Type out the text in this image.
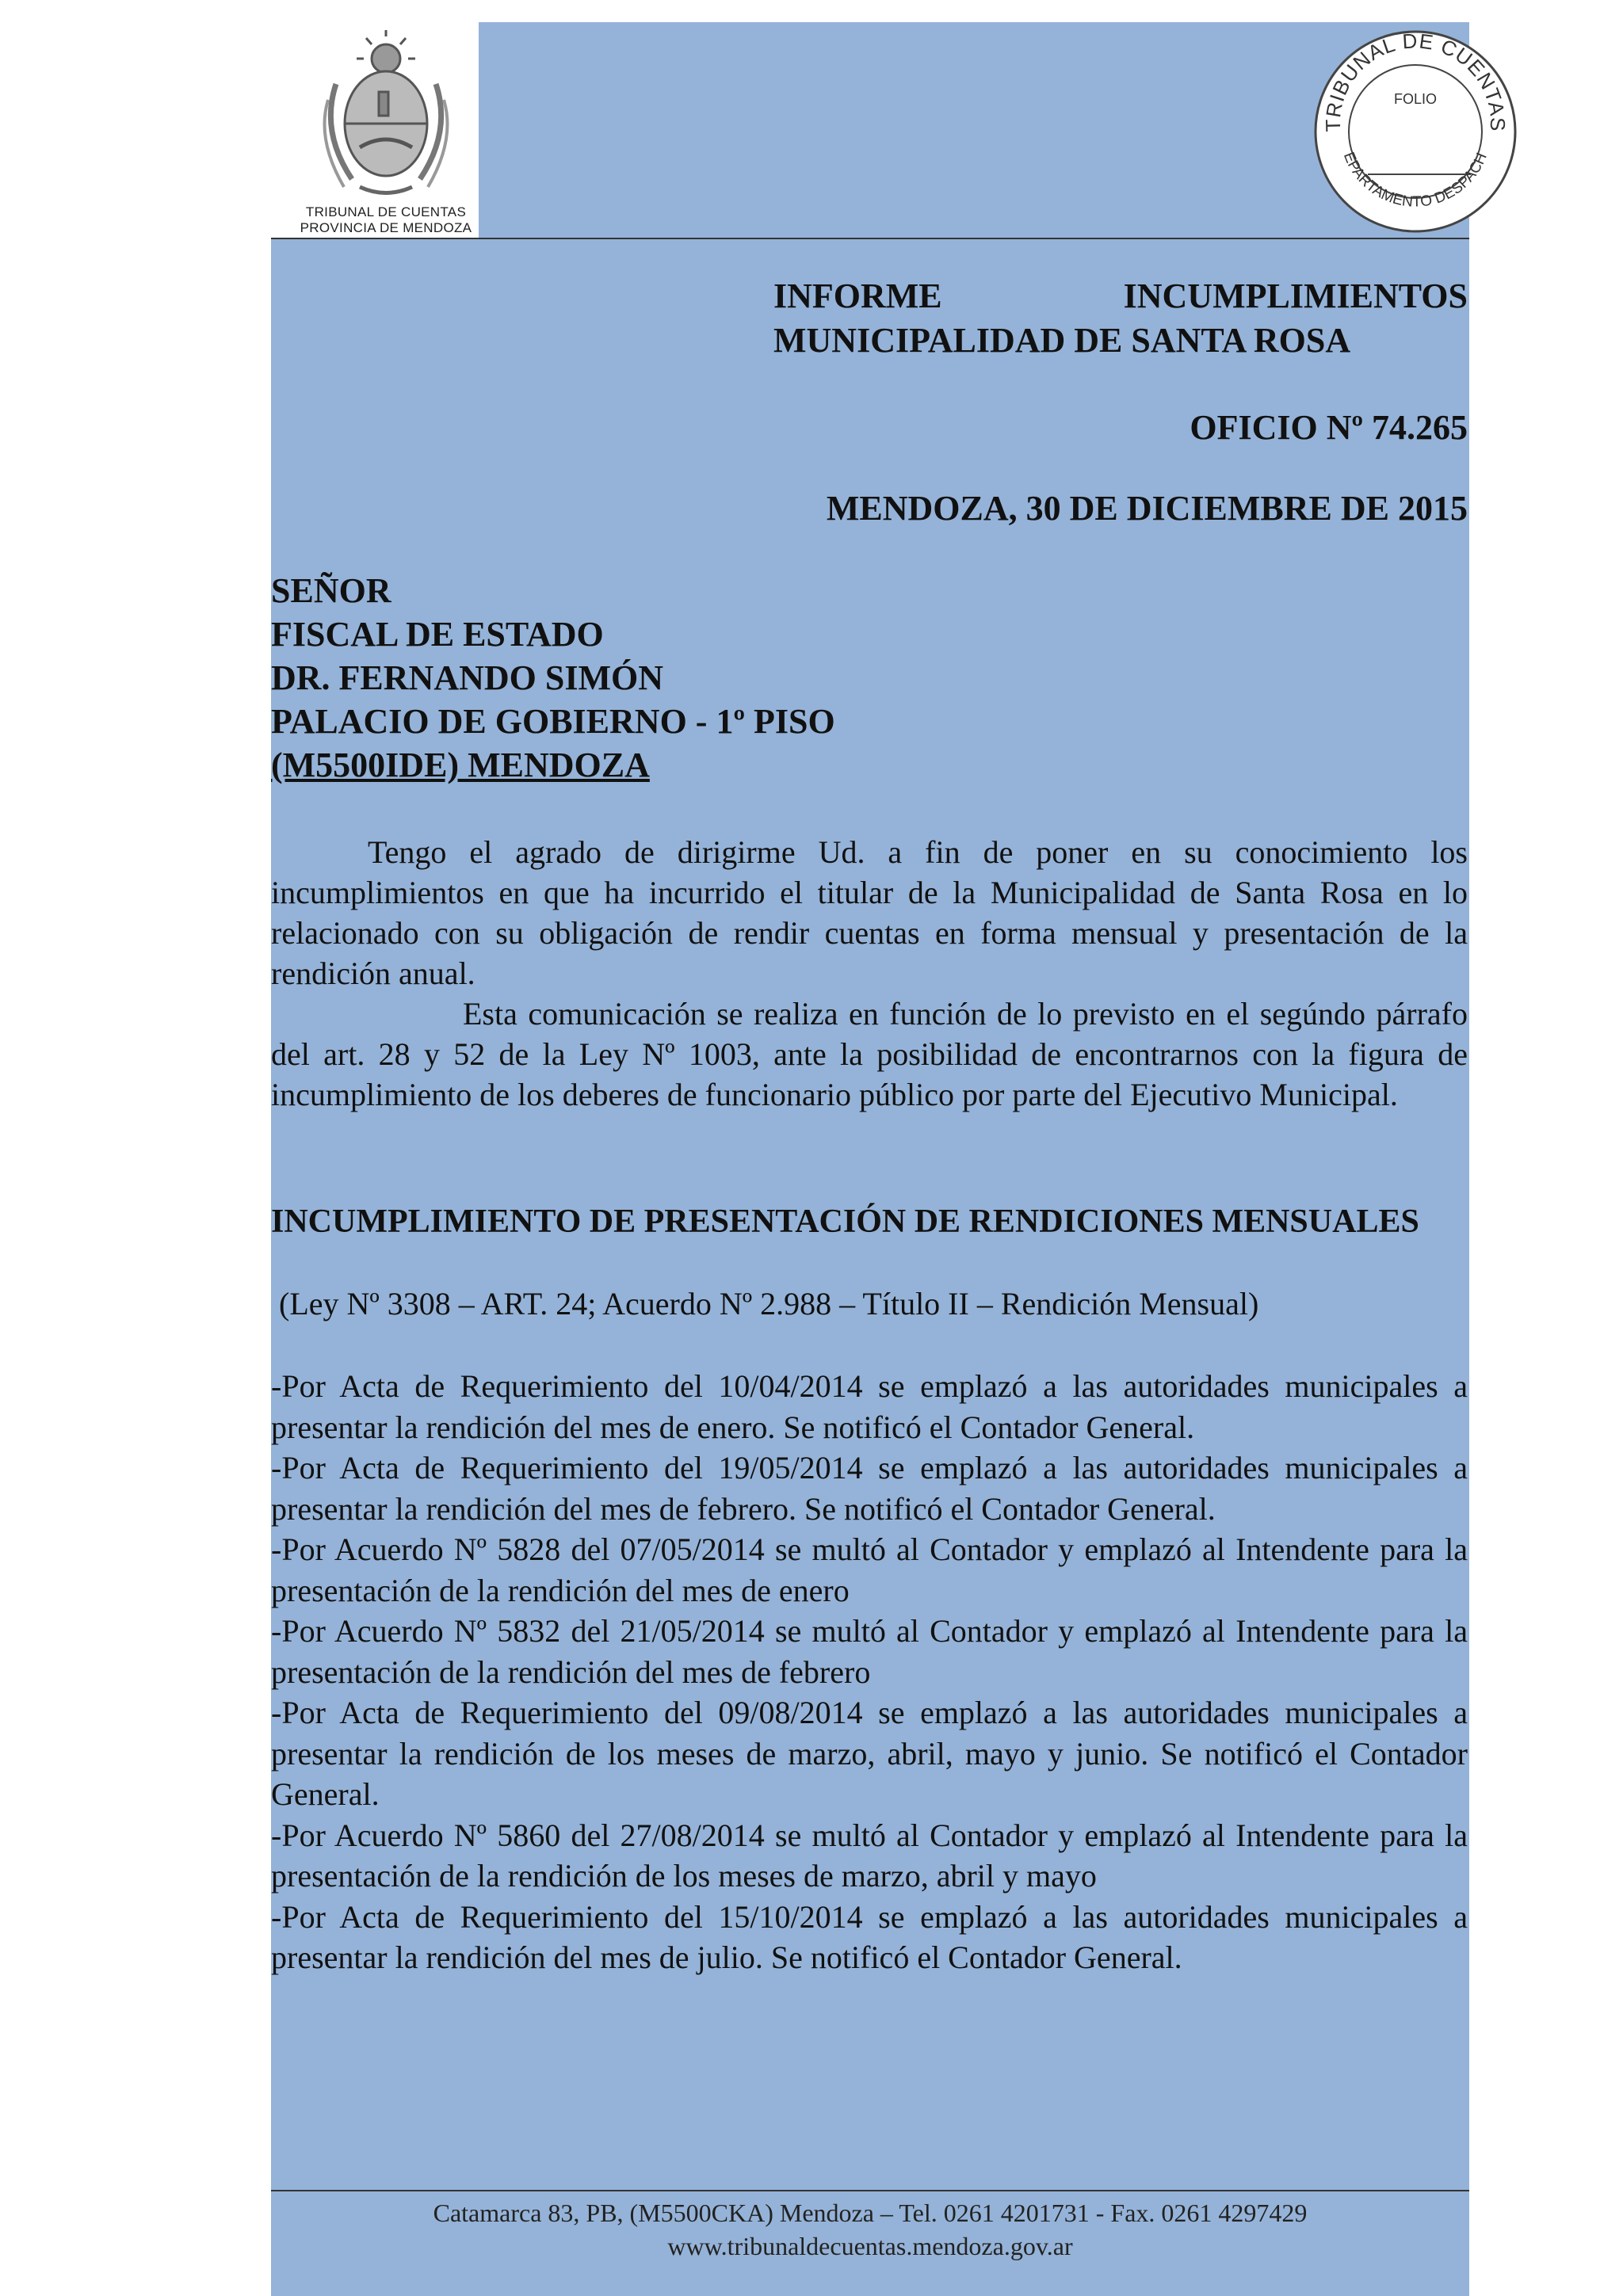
TRIBUNAL DE CUENTAS
PROVINCIA DE MENDOZA
TRIBUNAL DE CUENTAS
FOLIO
EPARTAMENTO DESPACH
INFORME INCUMPLIMIENTOS
MUNICIPALIDAD DE SANTA ROSA
OFICIO Nº 74.265
MENDOZA, 30 DE DICIEMBRE DE 2015
SEÑOR
FISCAL DE ESTADO
DR. FERNANDO SIMÓN
PALACIO DE GOBIERNO - 1º PISO
(M5500IDE) MENDOZA
Tengo el agrado de dirigirme Ud. a fin de poner en su conocimiento los incumplimientos en que ha incurrido el titular de la Municipalidad de Santa Rosa en lo relacionado con su obligación de rendir cuentas en forma mensual y presentación de la rendición anual.
Esta comunicación se realiza en función de lo previsto en el segúndo párrafo del art. 28 y 52 de la Ley Nº 1003, ante la posibilidad de encontrarnos con la figura de incumplimiento de los deberes de funcionario público por parte del Ejecutivo Municipal.
INCUMPLIMIENTO DE PRESENTACIÓN DE RENDICIONES MENSUALES
(Ley Nº 3308 – ART. 24; Acuerdo Nº 2.988 – Título II – Rendición Mensual)

-Por Acta de Requerimiento del 10/04/2014 se emplazó a las autoridades municipales a presentar la rendición del mes de enero. Se notificó el Contador General.

-Por Acta de Requerimiento del 19/05/2014 se emplazó a las autoridades municipales a presentar la rendición del mes de febrero. Se notificó el Contador General.

-Por Acuerdo Nº 5828 del 07/05/2014 se multó al Contador y emplazó al Intendente para la presentación de la rendición del mes de enero

-Por Acuerdo Nº 5832 del 21/05/2014 se multó al Contador y emplazó al Intendente para la presentación de la rendición del mes de febrero

-Por Acta de Requerimiento del 09/08/2014 se emplazó a las autoridades municipales a presentar la rendición de los meses de marzo, abril, mayo y junio. Se notificó el Contador General.

-Por Acuerdo Nº 5860 del 27/08/2014 se multó al Contador y emplazó al Intendente para la presentación de la rendición de los meses de marzo, abril y mayo

-Por Acta de Requerimiento del 15/10/2014 se emplazó a las autoridades municipales a presentar la rendición del mes de julio. Se notificó el Contador General.

Catamarca 83, PB, (M5500CKA) Mendoza – Tel. 0261 4201731 - Fax. 0261 4297429
www.tribunaldecuentas.mendoza.gov.ar
